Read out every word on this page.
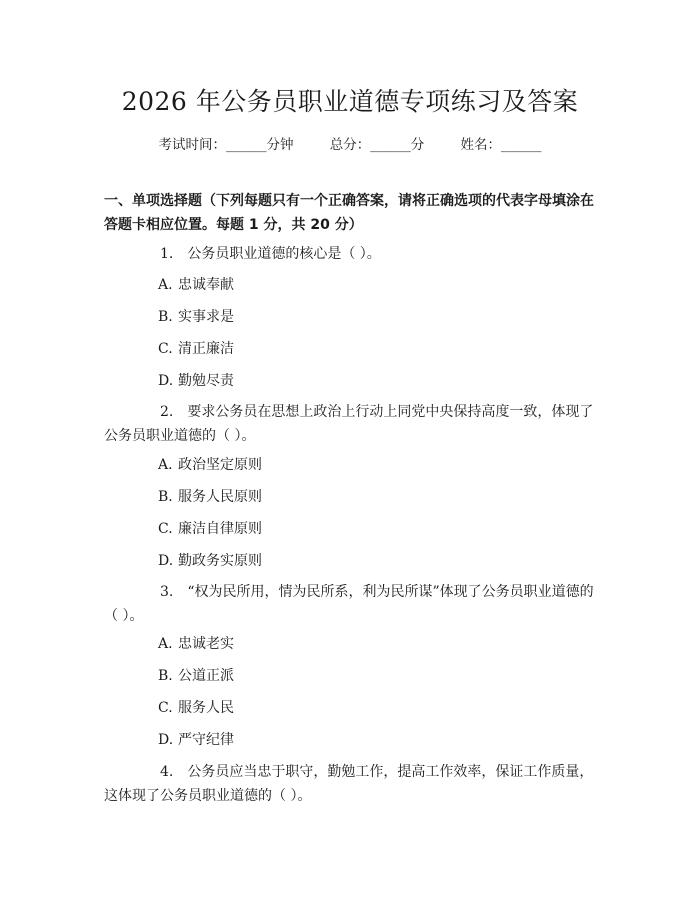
2026 年公务员职业道德专项练习及答案
考试时间：______分钟	总分：______分	姓名：______
一、单项选择题（下列每题只有一个正确答案，请将正确选项的代表字母填涂在答题卡相应位置。每题 1 分，共 20 分）
1. 公务员职业道德的核心是（ ）。
A. 忠诚奉献
B. 实事求是
C. 清正廉洁
D. 勤勉尽责
2. 要求公务员在思想上政治上行动上同党中央保持高度一致，体现了公务员职业道德的（ ）。
A. 政治坚定原则
B. 服务人民原则
C. 廉洁自律原则
D. 勤政务实原则
3. “权为民所用，情为民所系，利为民所谋”体现了公务员职业道德的（ ）。
A. 忠诚老实
B. 公道正派
C. 服务人民
D. 严守纪律
4. 公务员应当忠于职守，勤勉工作，提高工作效率，保证工作质量，这体现了公务员职业道德的（ ）。
